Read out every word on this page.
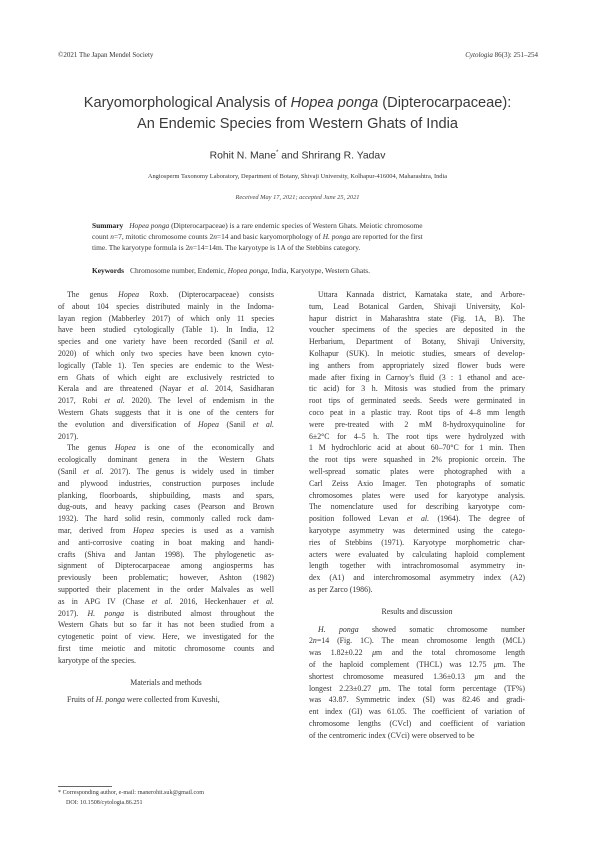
©2021 The Japan Mendel Society	Cytologia 86(3): 251–254
Karyomorphological Analysis of Hopea ponga (Dipterocarpaceae):
An Endemic Species from Western Ghats of India
Rohit N. Mane* and Shrirang R. Yadav
Angiosperm Taxonomy Laboratory, Department of Botany, Shivaji University, Kolhapur-416004, Maharashtra, India
Received May 17, 2021; accepted June 25, 2021
Summary Hopea ponga (Dipterocarpaceae) is a rare endemic species of Western Ghats. Meiotic chromosome
count n=7, mitotic chromosome counts 2n=14 and basic karyomorphology of H. ponga are reported for the first
time. The karyotype formula is 2n=14=14m. The karyotype is 1A of the Stebbins category.
Keywords Chromosome number, Endemic, Hopea ponga, India, Karyotype, Western Ghats.
The genus Hopea Roxb. (Dipterocarpaceae) consists
of about 104 species distributed mainly in the Indoma-
layan region (Mabberley 2017) of which only 11 species
have been studied cytologically (Table 1). In India, 12
species and one variety have been recorded (Sanil et al.
2020) of which only two species have been known cyto-
logically (Table 1). Ten species are endemic to the West-
ern Ghats of which eight are exclusively restricted to
Kerala and are threatened (Nayar et al. 2014, Sasidharan
2017, Robi et al. 2020). The level of endemism in the
Western Ghats suggests that it is one of the centers for
the evolution and diversification of Hopea (Sanil et al.
2017).
The genus Hopea is one of the economically and
ecologically dominant genera in the Western Ghats
(Sanil et al. 2017). The genus is widely used in timber
and plywood industries, construction purposes include
planking, floorboards, shipbuilding, masts and spars,
dug-outs, and heavy packing cases (Pearson and Brown
1932). The hard solid resin, commonly called rock dam-
mar, derived from Hopea species is used as a varnish
and anti-corrosive coating in boat making and handi-
crafts (Shiva and Jantan 1998). The phylogenetic as-
signment of Dipterocarpaceae among angiosperms has
previously been problematic; however, Ashton (1982)
supported their placement in the order Malvales as well
as in APG IV (Chase et al. 2016, Heckenhauer et al.
2017). H. ponga is distributed almost throughout the
Western Ghats but so far it has not been studied from a
cytogenetic point of view. Here, we investigated for the
first time meiotic and mitotic chromosome counts and
karyotype of the species.
Materials and methods
Fruits of H. ponga were collected from Kuveshi,
Uttara Kannada district, Karnataka state, and Arbore-
tum, Lead Botanical Garden, Shivaji University, Kol-
hapur district in Maharashtra state (Fig. 1A, B). The
voucher specimens of the species are deposited in the
Herbarium, Department of Botany, Shivaji University,
Kolhapur (SUK). In meiotic studies, smears of develop-
ing anthers from appropriately sized flower buds were
made after fixing in Carnoy’s fluid (3 : 1 ethanol and ace-
tic acid) for 3 h. Mitosis was studied from the primary
root tips of germinated seeds. Seeds were germinated in
coco peat in a plastic tray. Root tips of 4–8 mm length
were pre-treated with 2 mM 8-hydroxyquinoline for
6±2°C for 4–5 h. The root tips were hydrolyzed with
1 M hydrochloric acid at about 60–70°C for 1 min. Then
the root tips were squashed in 2% propionic orcein. The
well-spread somatic plates were photographed with a
Carl Zeiss Axio Imager. Ten photographs of somatic
chromosomes plates were used for karyotype analysis.
The nomenclature used for describing karyotype com-
position followed Levan et al. (1964). The degree of
karyotype asymmetry was determined using the catego-
ries of Stebbins (1971). Karyotype morphometric char-
acters were evaluated by calculating haploid complement
length together with intrachromosomal asymmetry in-
dex (A1) and interchromosomal asymmetry index (A2)
as per Zarco (1986).
Results and discussion
H. ponga showed somatic chromosome number
2n=14 (Fig. 1C). The mean chromosome length (MCL)
was 1.82±0.22 μm and the total chromosome length
of the haploid complement (THCL) was 12.75 μm. The
shortest chromosome measured 1.36±0.13 μm and the
longest 2.23±0.27 μm. The total form percentage (TF%)
was 43.87. Symmetric index (SI) was 82.46 and gradi-
ent index (GI) was 61.05. The coefficient of variation of
chromosome lengths (CVcl) and coefficient of variation
of the centromeric index (CVci) were observed to be
* Corresponding author, e-mail: rnanerohit.suk@gmail.com
DOI: 10.1508/cytologia.86.251
